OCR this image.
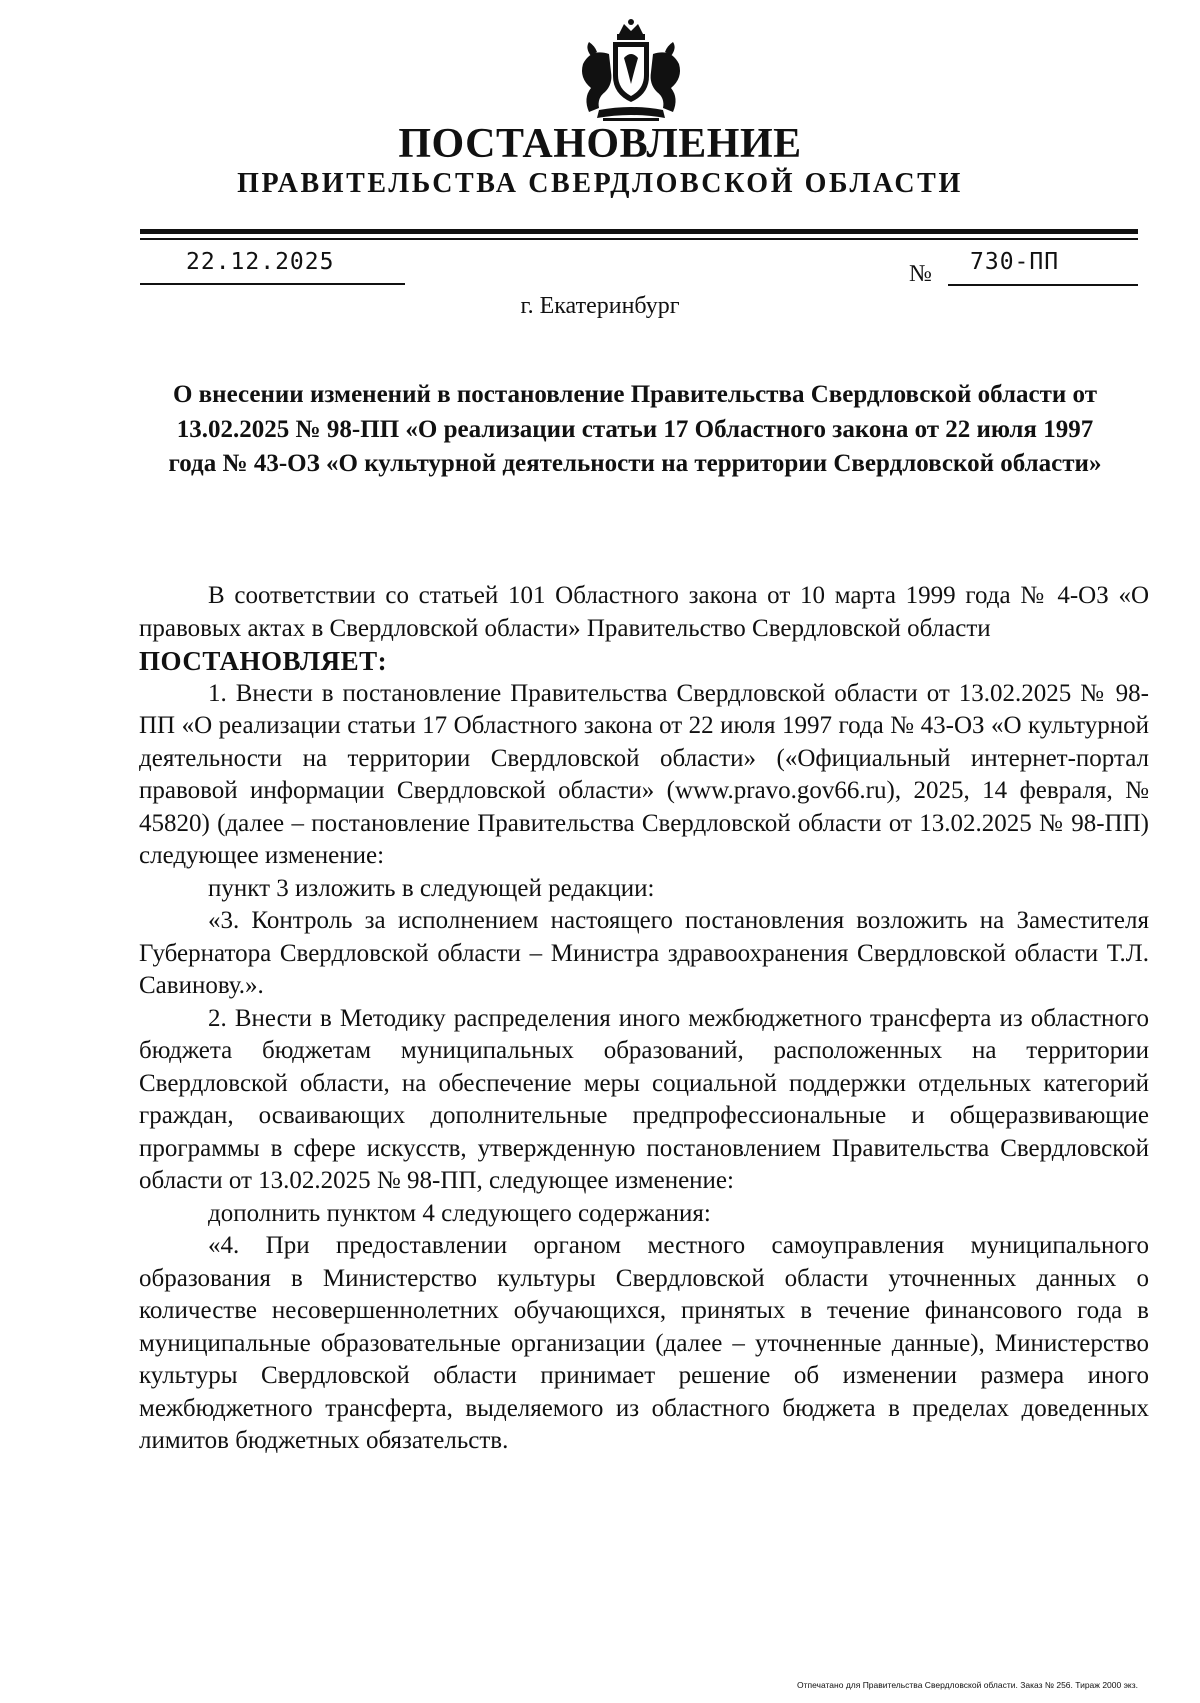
ПОСТАНОВЛЕНИЕ
ПРАВИТЕЛЬСТВА СВЕРДЛОВСКОЙ ОБЛАСТИ
22.12.2025	№ 730-ПП
г. Екатеринбург
О внесении изменений в постановление Правительства Свердловской области от 13.02.2025 № 98-ПП «О реализации статьи 17 Областного закона от 22 июля 1997 года № 43-ОЗ «О культурной деятельности на территории Свердловской области»

В соответствии со статьей 101 Областного закона от 10 марта 1999 года № 4-ОЗ «О правовых актах в Свердловской области» Правительство Свердловской области

ПОСТАНОВЛЯЕТ:

1. Внести в постановление Правительства Свердловской области от 13.02.2025 № 98-ПП «О реализации статьи 17 Областного закона от 22 июля 1997 года № 43-ОЗ «О культурной деятельности на территории Свердловской области» («Официальный интернет-портал правовой информации Свердловской области» (www.pravo.gov66.ru), 2025, 14 февраля, № 45820) (далее – постановление Правительства Свердловской области от 13.02.2025 № 98-ПП) следующее изменение:

пункт 3 изложить в следующей редакции:

«3. Контроль за исполнением настоящего постановления возложить на Заместителя Губернатора Свердловской области – Министра здравоохранения Свердловской области Т.Л. Савинову.».

2. Внести в Методику распределения иного межбюджетного трансферта из областного бюджета бюджетам муниципальных образований, расположенных на территории Свердловской области, на обеспечение меры социальной поддержки отдельных категорий граждан, осваивающих дополнительные предпрофессиональные и общеразвивающие программы в сфере искусств, утвержденную постановлением Правительства Свердловской области от 13.02.2025 № 98-ПП, следующее изменение:

дополнить пунктом 4 следующего содержания:

«4. При предоставлении органом местного самоуправления муниципального образования в Министерство культуры Свердловской области уточненных данных о количестве несовершеннолетних обучающихся, принятых в течение финансового года в муниципальные образовательные организации (далее – уточненные данные), Министерство культуры Свердловской области принимает решение об изменении размера иного межбюджетного трансферта, выделяемого из областного бюджета в пределах доведенных лимитов бюджетных обязательств.

Отпечатано для Правительства Свердловской области. Заказ № 256. Тираж 2000 экз.
